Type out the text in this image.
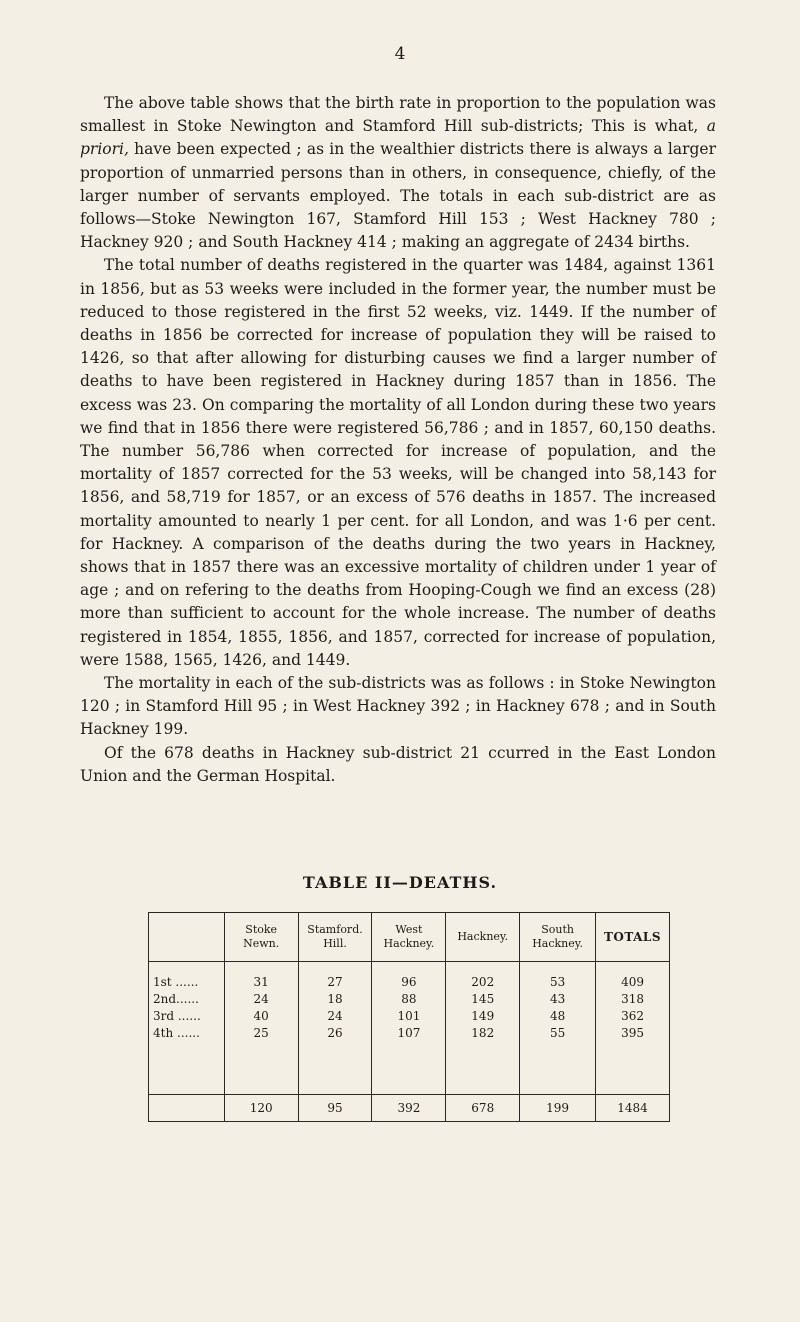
4

The above table shows that the birth rate in proportion to the population was smallest in Stoke Newington and Stamford Hill sub-districts; This is what, a priori, have been expected ; as in the wealthier districts there is always a larger proportion of unmarried persons than in others, in consequence, chiefly, of the larger number of servants employed. The totals in each sub-district are as follows—Stoke Newington 167, Stamford Hill 153 ; West Hackney 780 ; Hackney 920 ; and South Hackney 414 ; making an aggregate of 2434 births.

The total number of deaths registered in the quarter was 1484, against 1361 in 1856, but as 53 weeks were included in the former year, the number must be reduced to those registered in the first 52 weeks, viz. 1449. If the number of deaths in 1856 be corrected for increase of population they will be raised to 1426, so that after allowing for disturbing causes we find a larger number of deaths to have been registered in Hackney during 1857 than in 1856. The excess was 23. On comparing the mortality of all London during these two years we find that in 1856 there were registered 56,786 ; and in 1857, 60,150 deaths. The number 56,786 when corrected for increase of population, and the mortality of 1857 corrected for the 53 weeks, will be changed into 58,143 for 1856, and 58,719 for 1857, or an excess of 576 deaths in 1857. The increased mortality amounted to nearly 1 per cent. for all London, and was 1·6 per cent. for Hackney. A comparison of the deaths during the two years in Hackney, shows that in 1857 there was an excessive mortality of children under 1 year of age ; and on refering to the deaths from Hooping-Cough we find an excess (28) more than sufficient to account for the whole increase. The number of deaths registered in 1854, 1855, 1856, and 1857, corrected for increase of population, were 1588, 1565, 1426, and 1449.

The mortality in each of the sub-districts was as follows : in Stoke Newington 120 ; in Stamford Hill 95 ; in West Hackney 392 ; in Hackney 678 ; and in South Hackney 199.

Of the 678 deaths in Hackney sub-district 21 ccurred in the East London Union and the German Hospital.

TABLE II—DEATHS.
	Stoke Newn.	Stamford. Hill.	West Hackney.	Hackney.	South Hackney.	TOTALS
1st ......	31	27	96	202	53	409
2nd......	24	18	88	145	43	318
3rd ......	40	24	101	149	48	362
4th ......	25	26	107	182	55	395

	120	95	392	678	199	1484
